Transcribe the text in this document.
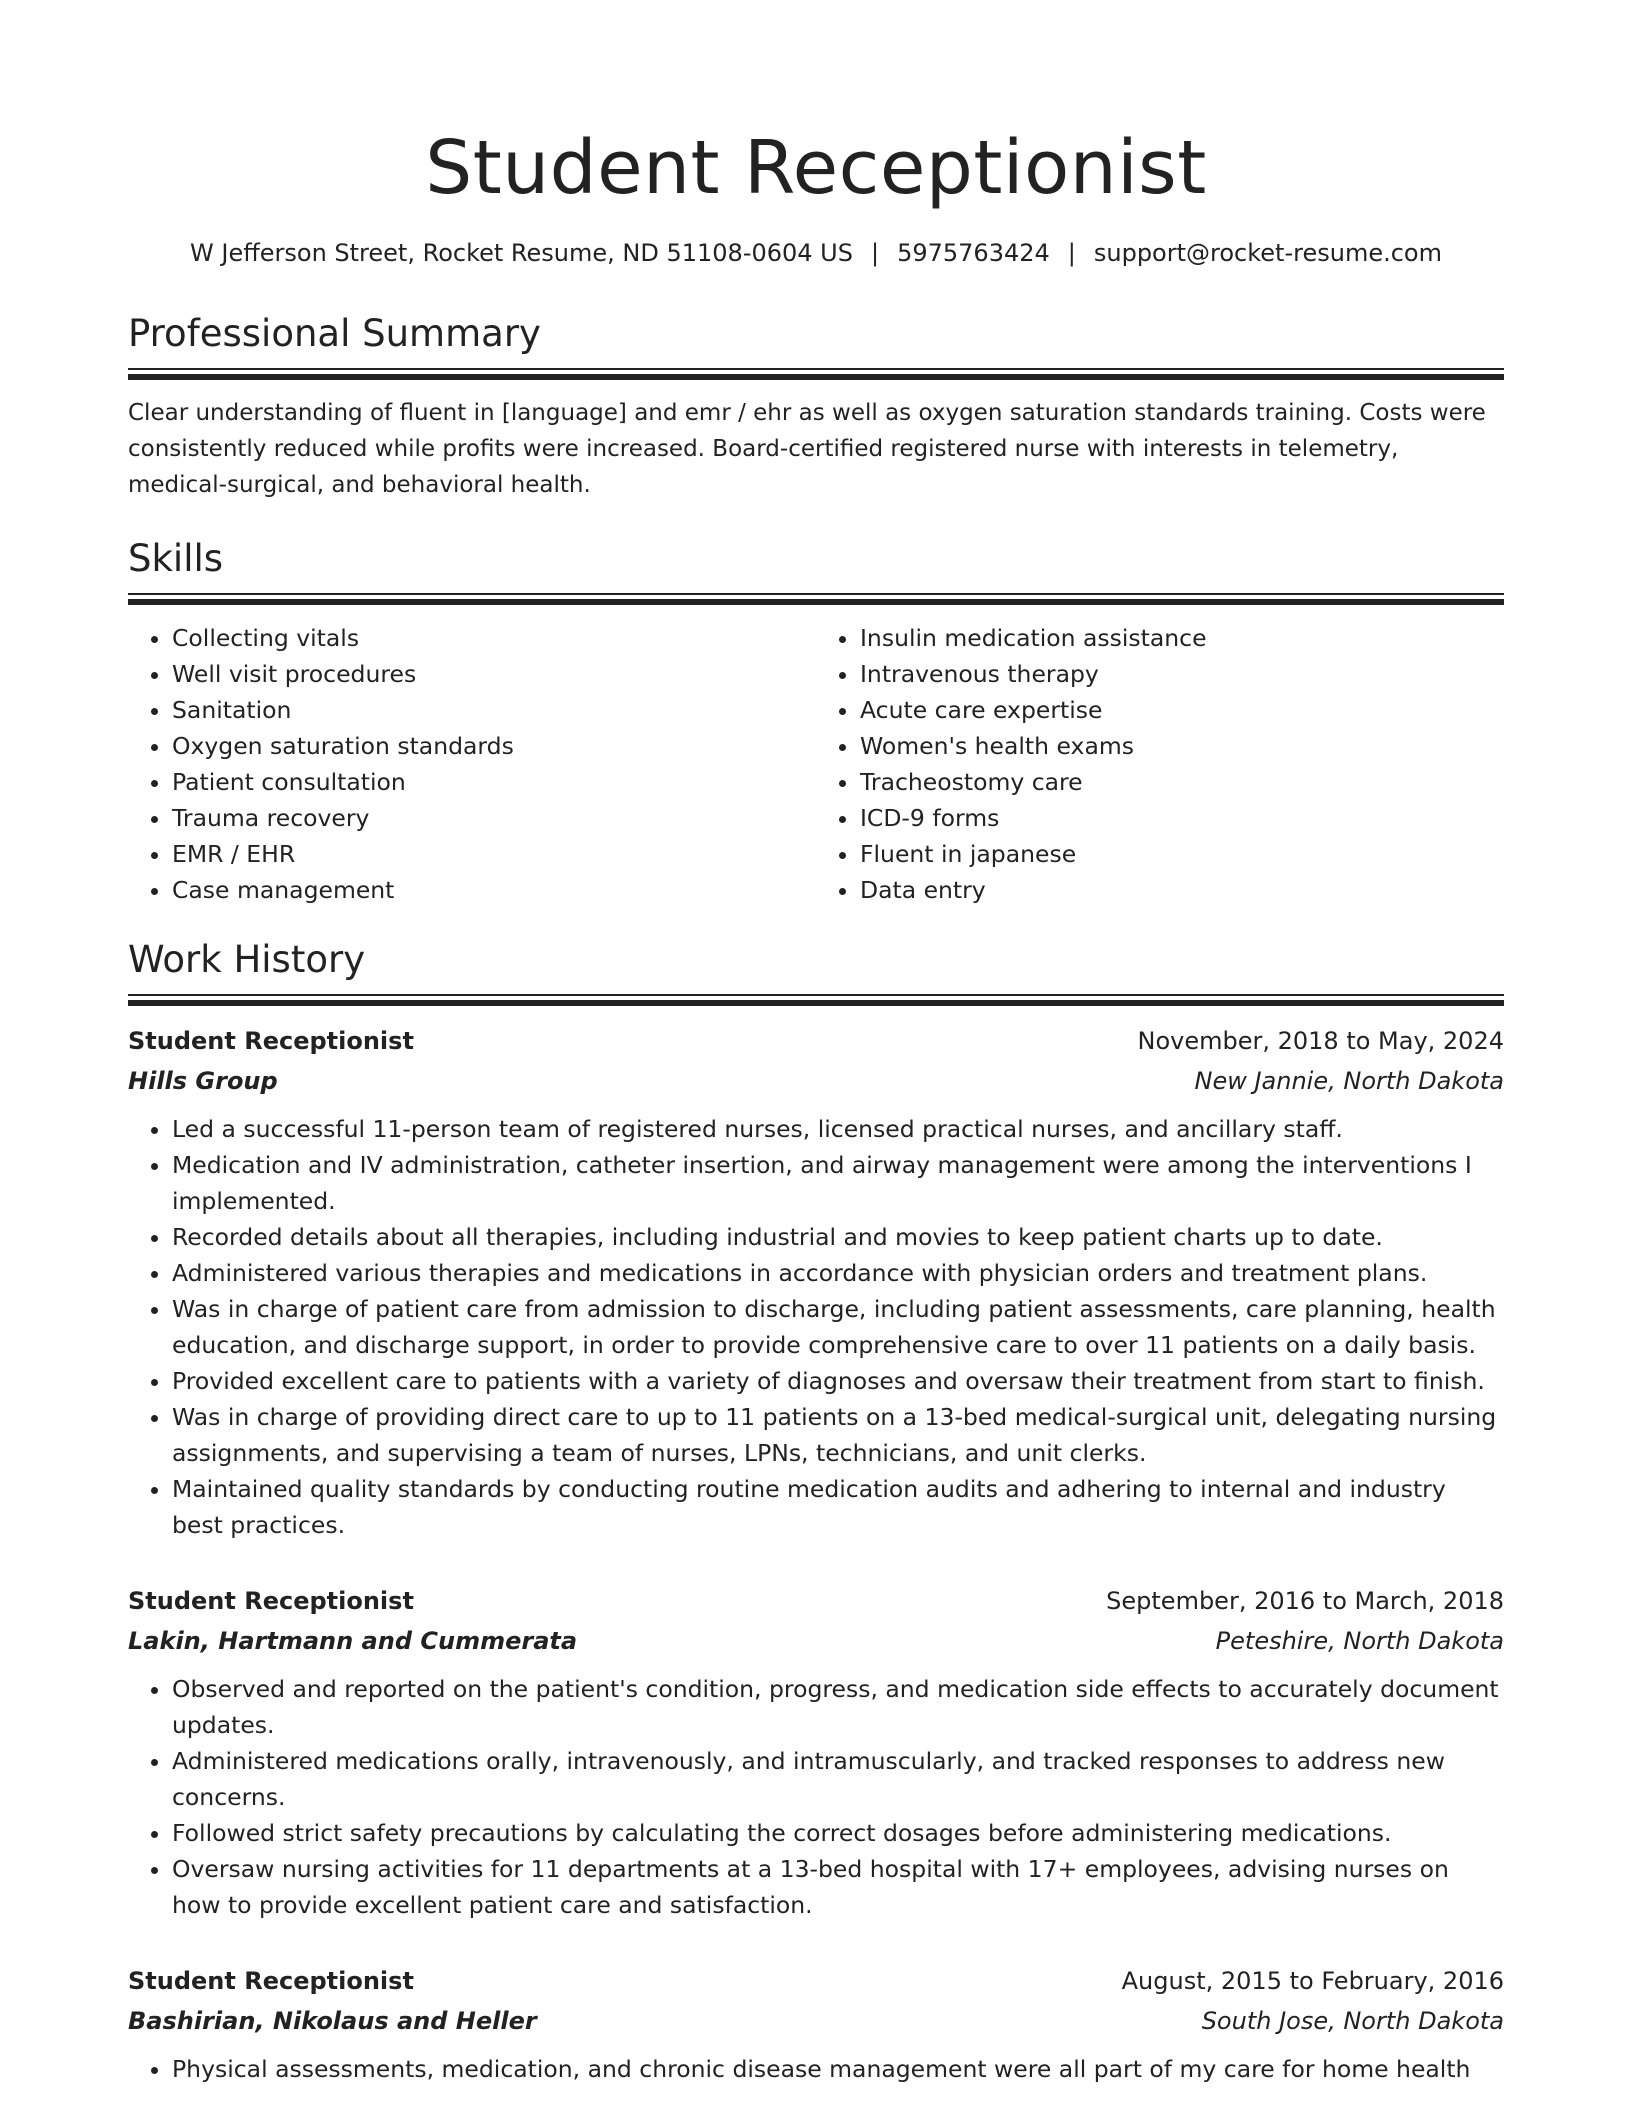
Student Receptionist
W Jefferson Street, Rocket Resume, ND 51108-0604 US | 5975763424 | support@rocket-resume.com
Professional Summary
Clear understanding of fluent in [language] and emr / ehr as well as oxygen saturation standards training. Costs were consistently reduced while profits were increased. Board-certified registered nurse with interests in telemetry, medical-surgical, and behavioral health.
Skills
• Collecting vitals
• Well visit procedures
• Sanitation
• Oxygen saturation standards
• Patient consultation
• Trauma recovery
• EMR / EHR
• Case management
• Insulin medication assistance
• Intravenous therapy
• Acute care expertise
• Women's health exams
• Tracheostomy care
• ICD-9 forms
• Fluent in japanese
• Data entry
Work History
Student Receptionist	November, 2018 to May, 2024
Hills Group	New Jannie, North Dakota
• Led a successful 11-person team of registered nurses, licensed practical nurses, and ancillary staff.
• Medication and IV administration, catheter insertion, and airway management were among the interventions I implemented.
• Recorded details about all therapies, including industrial and movies to keep patient charts up to date.
• Administered various therapies and medications in accordance with physician orders and treatment plans.
• Was in charge of patient care from admission to discharge, including patient assessments, care planning, health education, and discharge support, in order to provide comprehensive care to over 11 patients on a daily basis.
• Provided excellent care to patients with a variety of diagnoses and oversaw their treatment from start to finish.
• Was in charge of providing direct care to up to 11 patients on a 13-bed medical-surgical unit, delegating nursing assignments, and supervising a team of nurses, LPNs, technicians, and unit clerks.
• Maintained quality standards by conducting routine medication audits and adhering to internal and industry best practices.
Student Receptionist	September, 2016 to March, 2018
Lakin, Hartmann and Cummerata	Peteshire, North Dakota
• Observed and reported on the patient's condition, progress, and medication side effects to accurately document updates.
• Administered medications orally, intravenously, and intramuscularly, and tracked responses to address new concerns.
• Followed strict safety precautions by calculating the correct dosages before administering medications.
• Oversaw nursing activities for 11 departments at a 13-bed hospital with 17+ employees, advising nurses on how to provide excellent patient care and satisfaction.
Student Receptionist	August, 2015 to February, 2016
Bashirian, Nikolaus and Heller	South Jose, North Dakota
• Physical assessments, medication, and chronic disease management were all part of my care for home health
